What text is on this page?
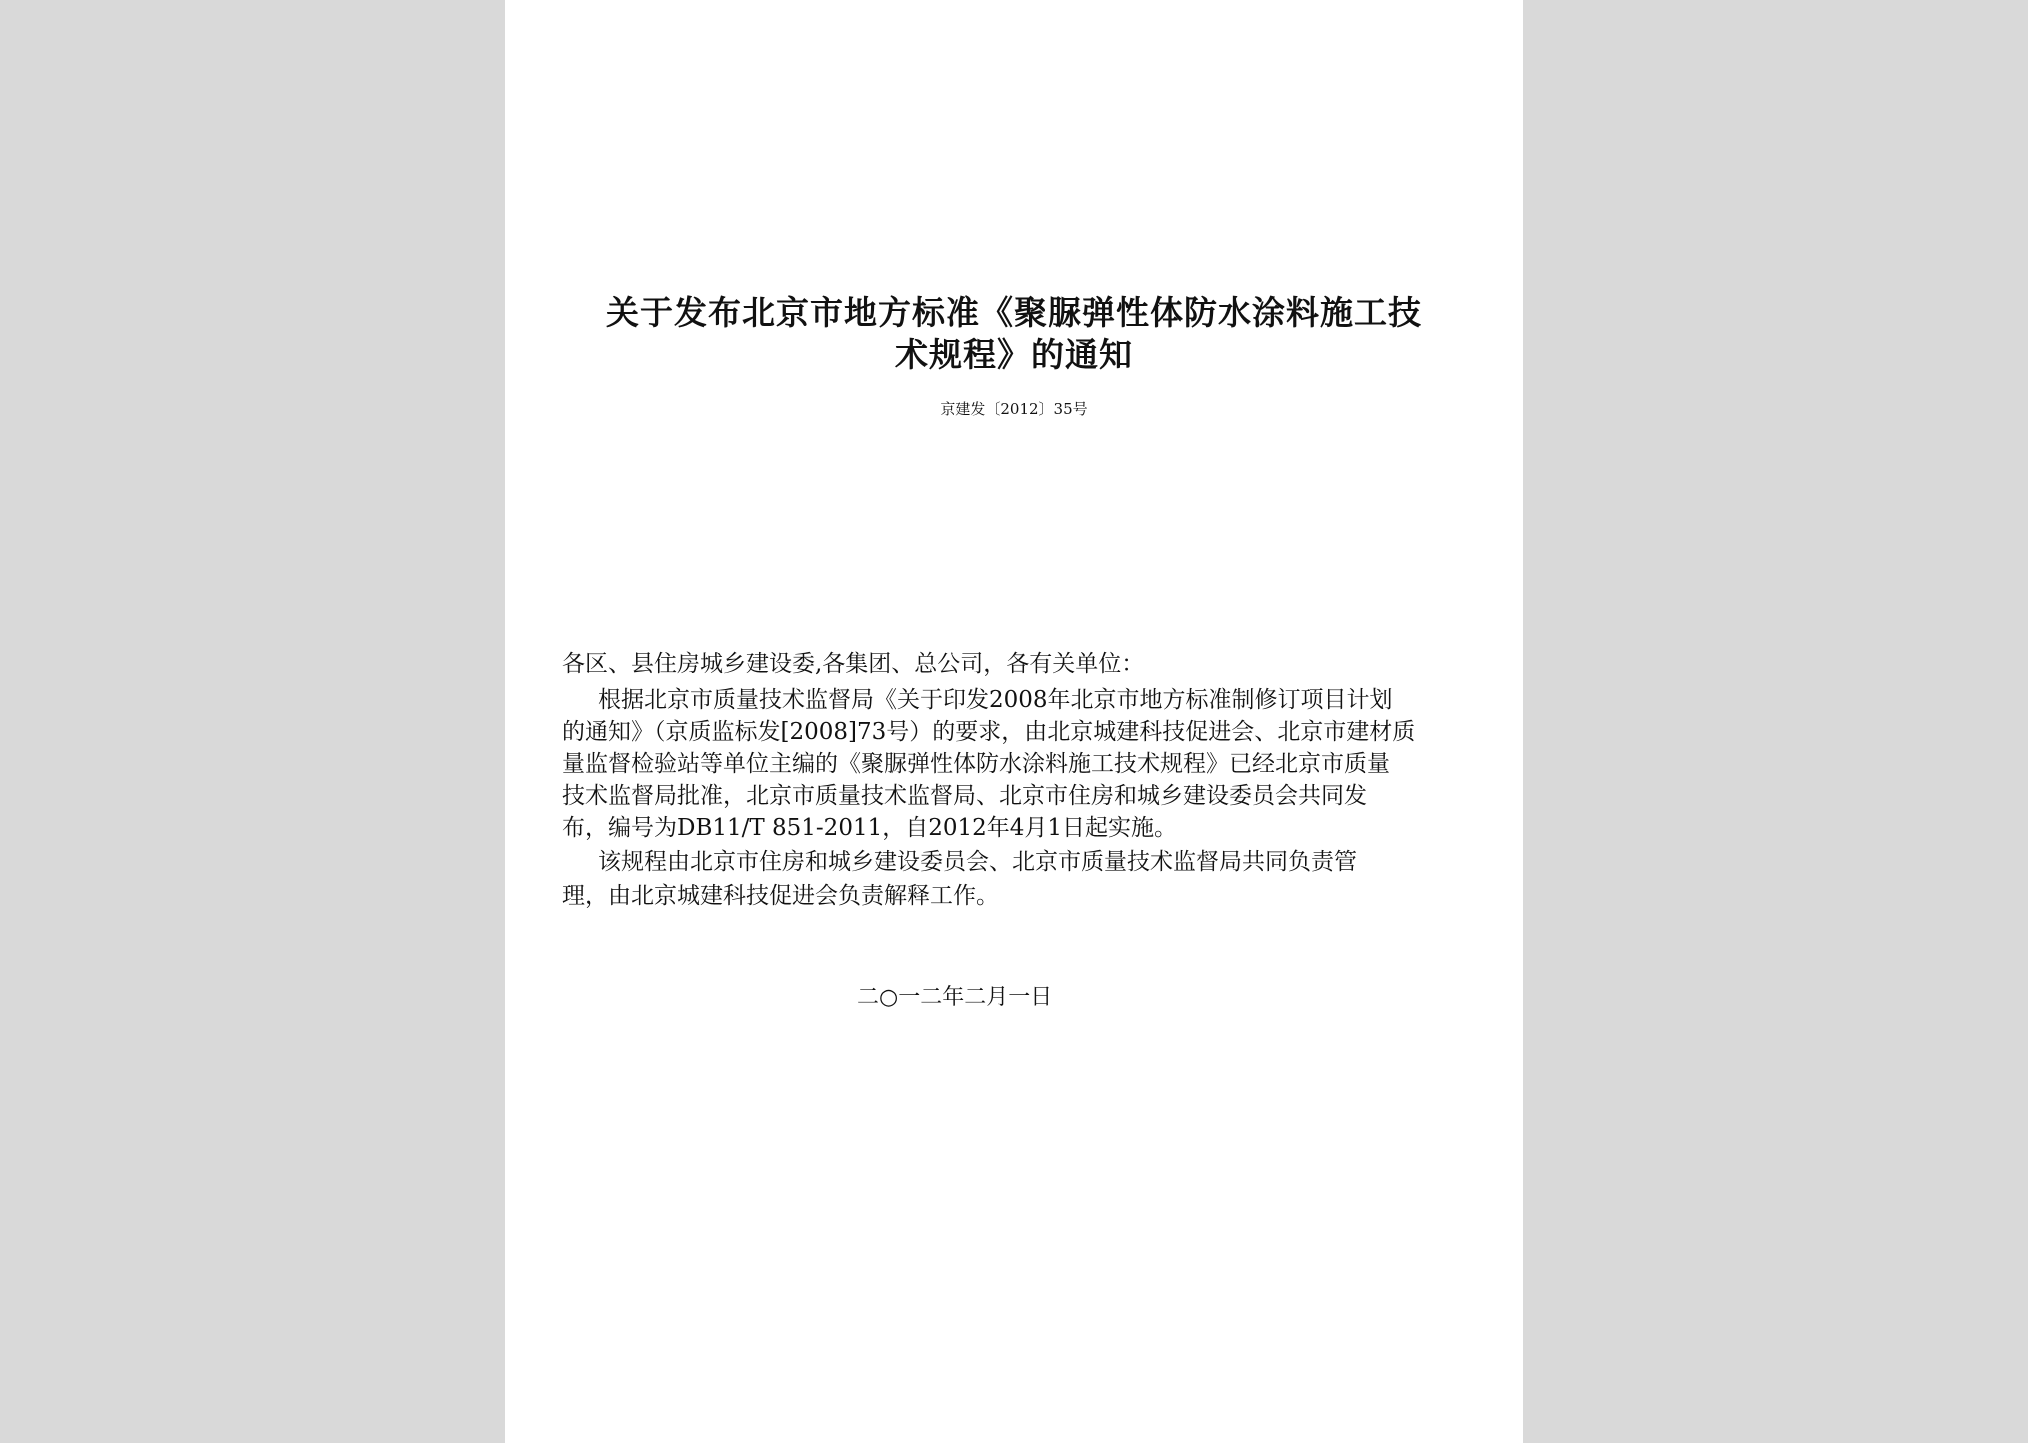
关于发布北京市地方标准《聚脲弹性体防水涂料施工技
术规程》的通知
京建发〔2012〕35号
各区、县住房城乡建设委,各集团、总公司，各有关单位：
根据北京市质量技术监督局《关于印发2008年北京市地方标准制修订项目计划
的通知》（京质监标发[2008]73号）的要求，由北京城建科技促进会、北京市建材质
量监督检验站等单位主编的《聚脲弹性体防水涂料施工技术规程》已经北京市质量
技术监督局批准，北京市质量技术监督局、北京市住房和城乡建设委员会共同发
布，编号为DB11/T 851-2011，自2012年4月1日起实施。
该规程由北京市住房和城乡建设委员会、北京市质量技术监督局共同负责管
理，由北京城建科技促进会负责解释工作。
二○一二年二月一日
